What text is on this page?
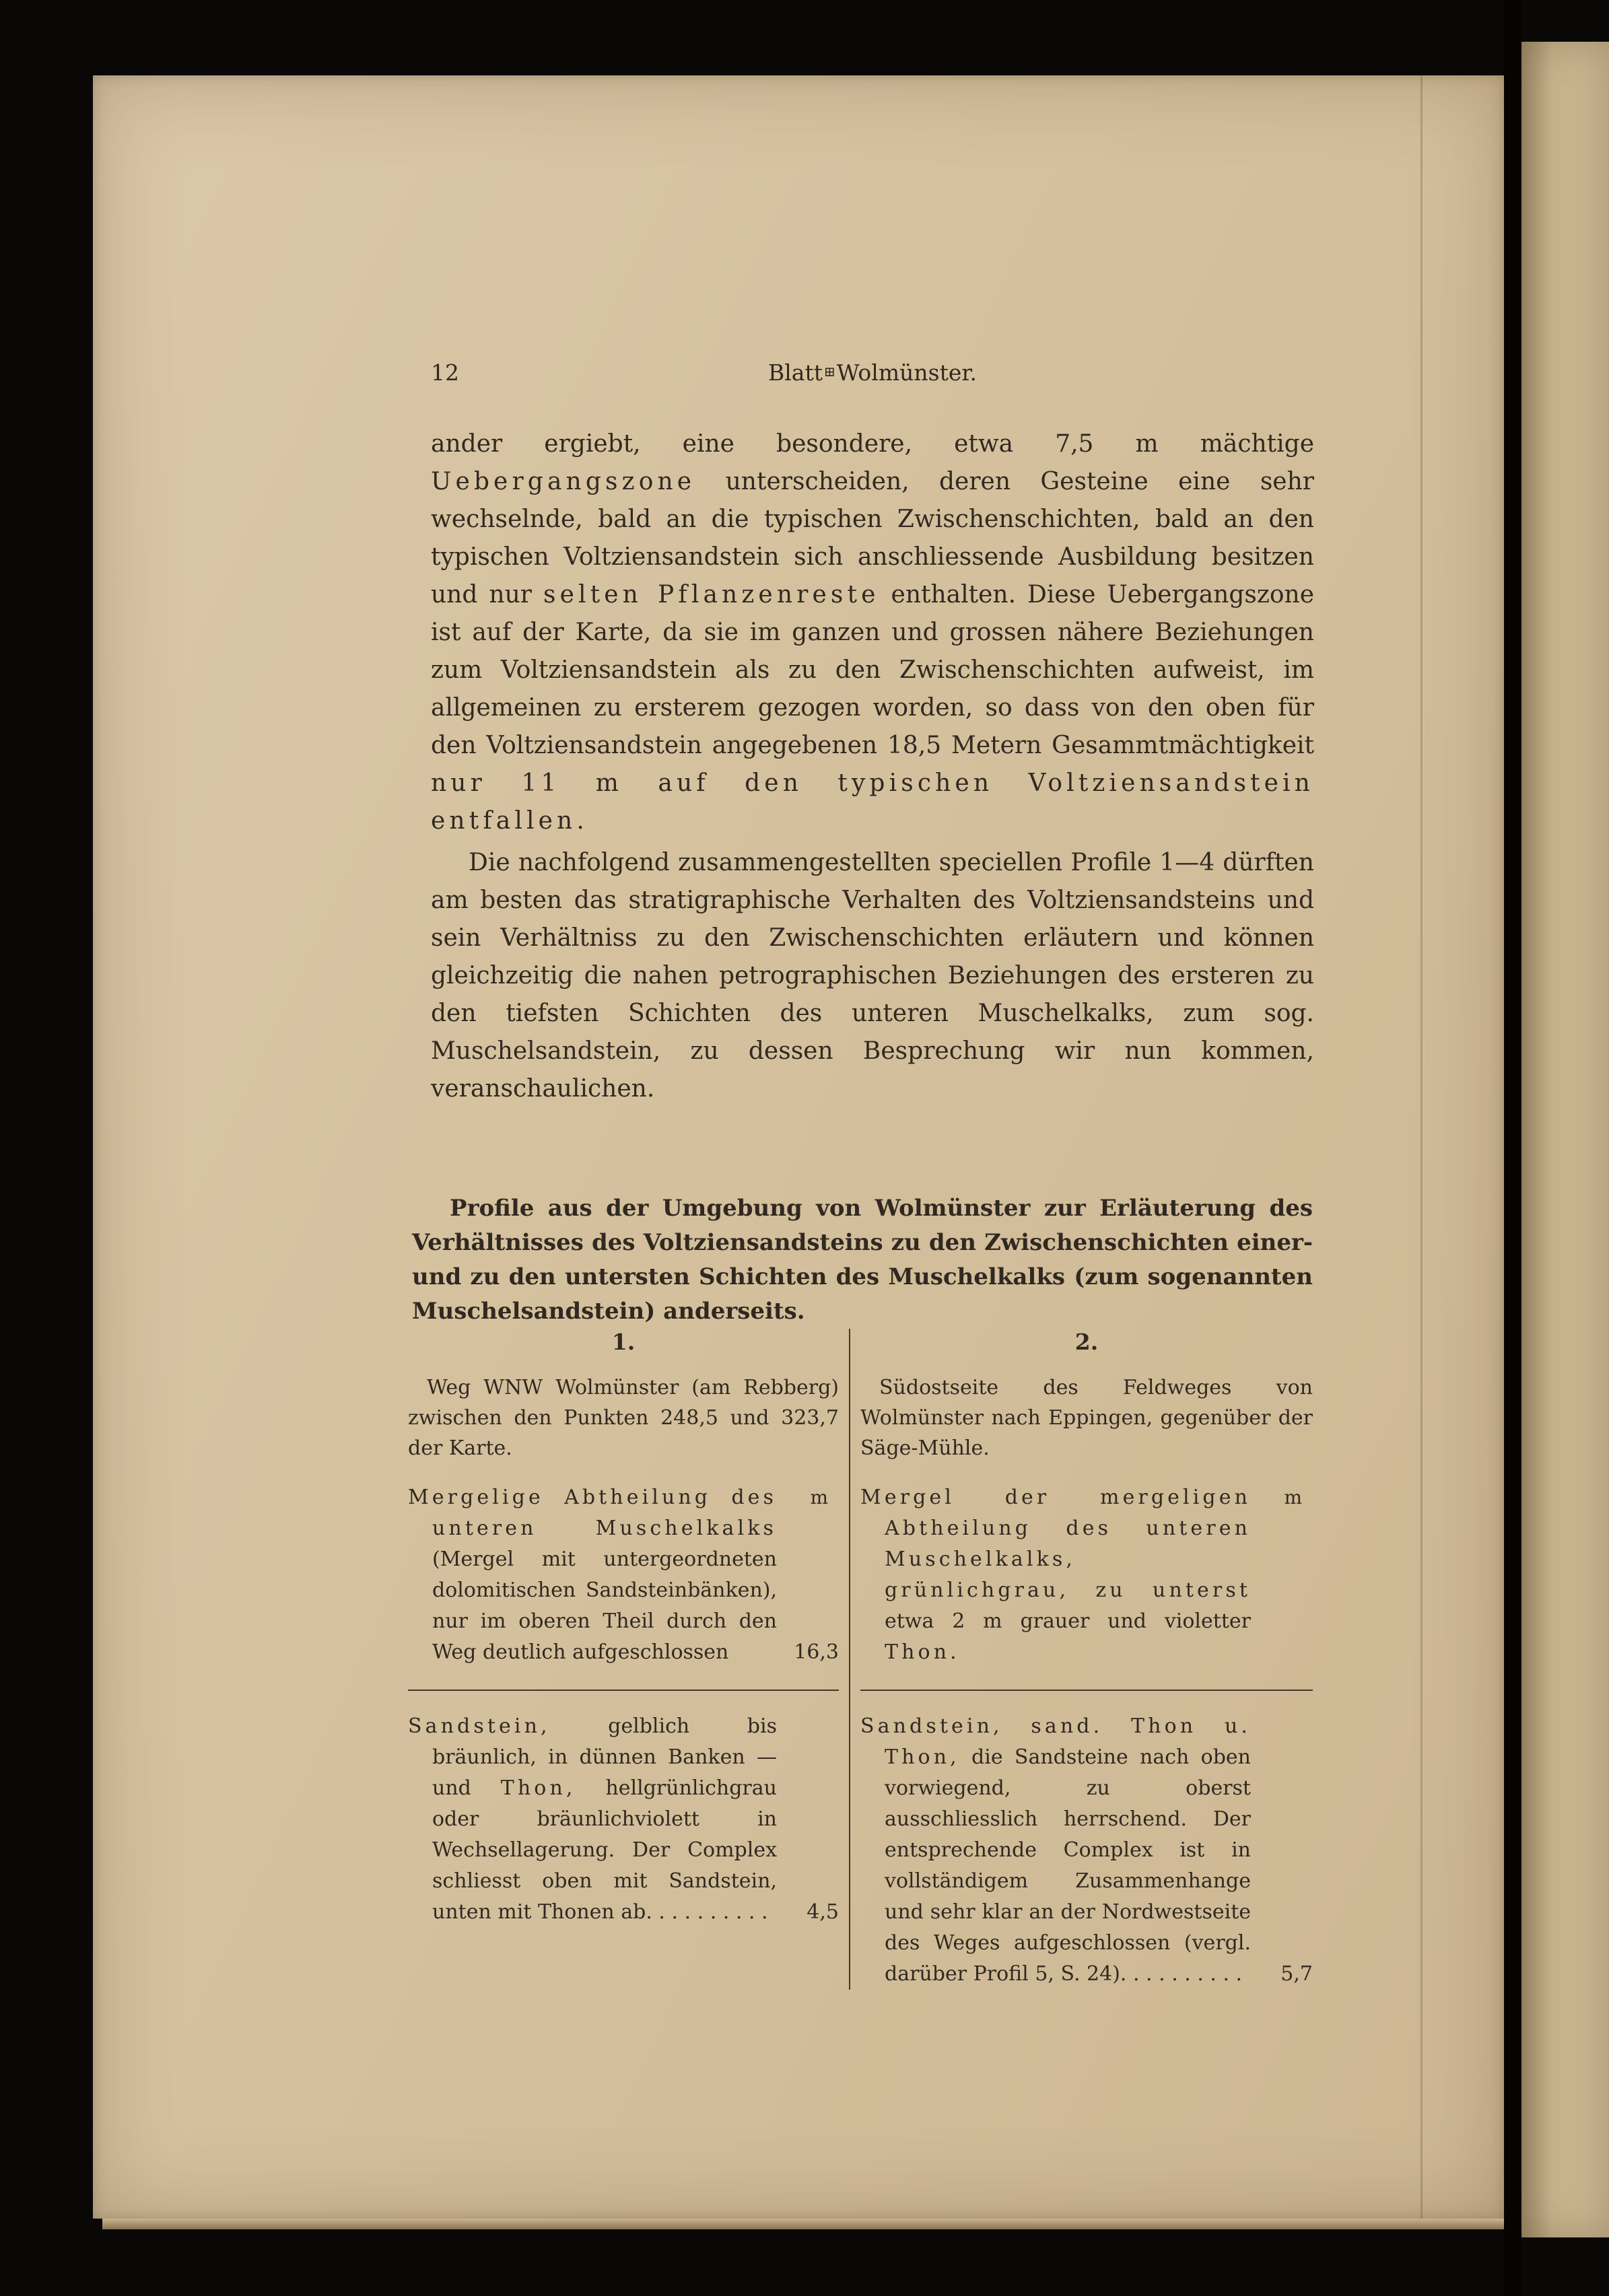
12	Blatt ⊞Wolmünster.

ander ergiebt, eine besondere, etwa 7,5 m mächtige Uebergangszone unterscheiden, deren Gesteine eine sehr wechselnde, bald an die typischen Zwischenschichten, bald an den typischen Voltziensandstein sich anschliessende Ausbildung besitzen und nur selten Pflanzenreste enthalten. Diese Uebergangszone ist auf der Karte, da sie im ganzen und grossen nähere Beziehungen zum Voltziensandstein als zu den Zwischenschichten aufweist, im allgemeinen zu ersterem gezogen worden, so dass von den oben für den Voltziensandstein angegebenen 18,5 Metern Gesammtmächtigkeit nur 11 m auf den typischen Voltziensandstein entfallen.

Die nachfolgend zusammengestellten speciellen Profile 1—4 dürften am besten das stratigraphische Verhalten des Voltziensandsteins und sein Verhältniss zu den Zwischenschichten erläutern und können gleichzeitig die nahen petrographischen Beziehungen des ersteren zu den tiefsten Schichten des unteren Muschelkalks, zum sog. Muschelsandstein, zu dessen Besprechung wir nun kommen, veranschaulichen.

Profile aus der Umgebung von Wolmünster zur Erläuterung des Verhältnisses des Voltziensandsteins zu den Zwischenschichten einer- und zu den untersten Schichten des Muschelkalks (zum sogenannten Muschelsandstein) anderseits.

1.

Weg WNW Wolmünster (am Rebberg) zwischen den Punkten 248,5 und 323,7 der Karte.

m
16,3

Mergelige Abtheilung des unteren Muschelkalks (Mergel mit untergeordneten dolomitischen Sandsteinbänken), nur im oberen Theil durch den Weg deutlich aufgeschlossen

4,5

Sandstein, gelblich bis bräunlich, in dünnen Banken — und Thon, hellgrünlichgrau oder bräunlichviolett in Wechsellagerung. Der Complex schliesst oben mit Sandstein, unten mit Thonen ab. . . . . . . . . .

2.

Südostseite des Feldweges von Wolmünster nach Eppingen, gegenüber der Säge-Mühle.

m

Mergel der mergeligen Abtheilung des unteren Muschelkalks, grünlichgrau, zu unterst etwa 2 m grauer und violetter Thon.

5,7

Sandstein, sand. Thon u. Thon, die Sandsteine nach oben vorwiegend, zu oberst ausschliesslich herrschend. Der entsprechende Complex ist in vollständigem Zusammenhange und sehr klar an der Nordwestseite des Weges aufgeschlossen (vergl. darüber Profil 5, S. 24). . . . . . . . . .
